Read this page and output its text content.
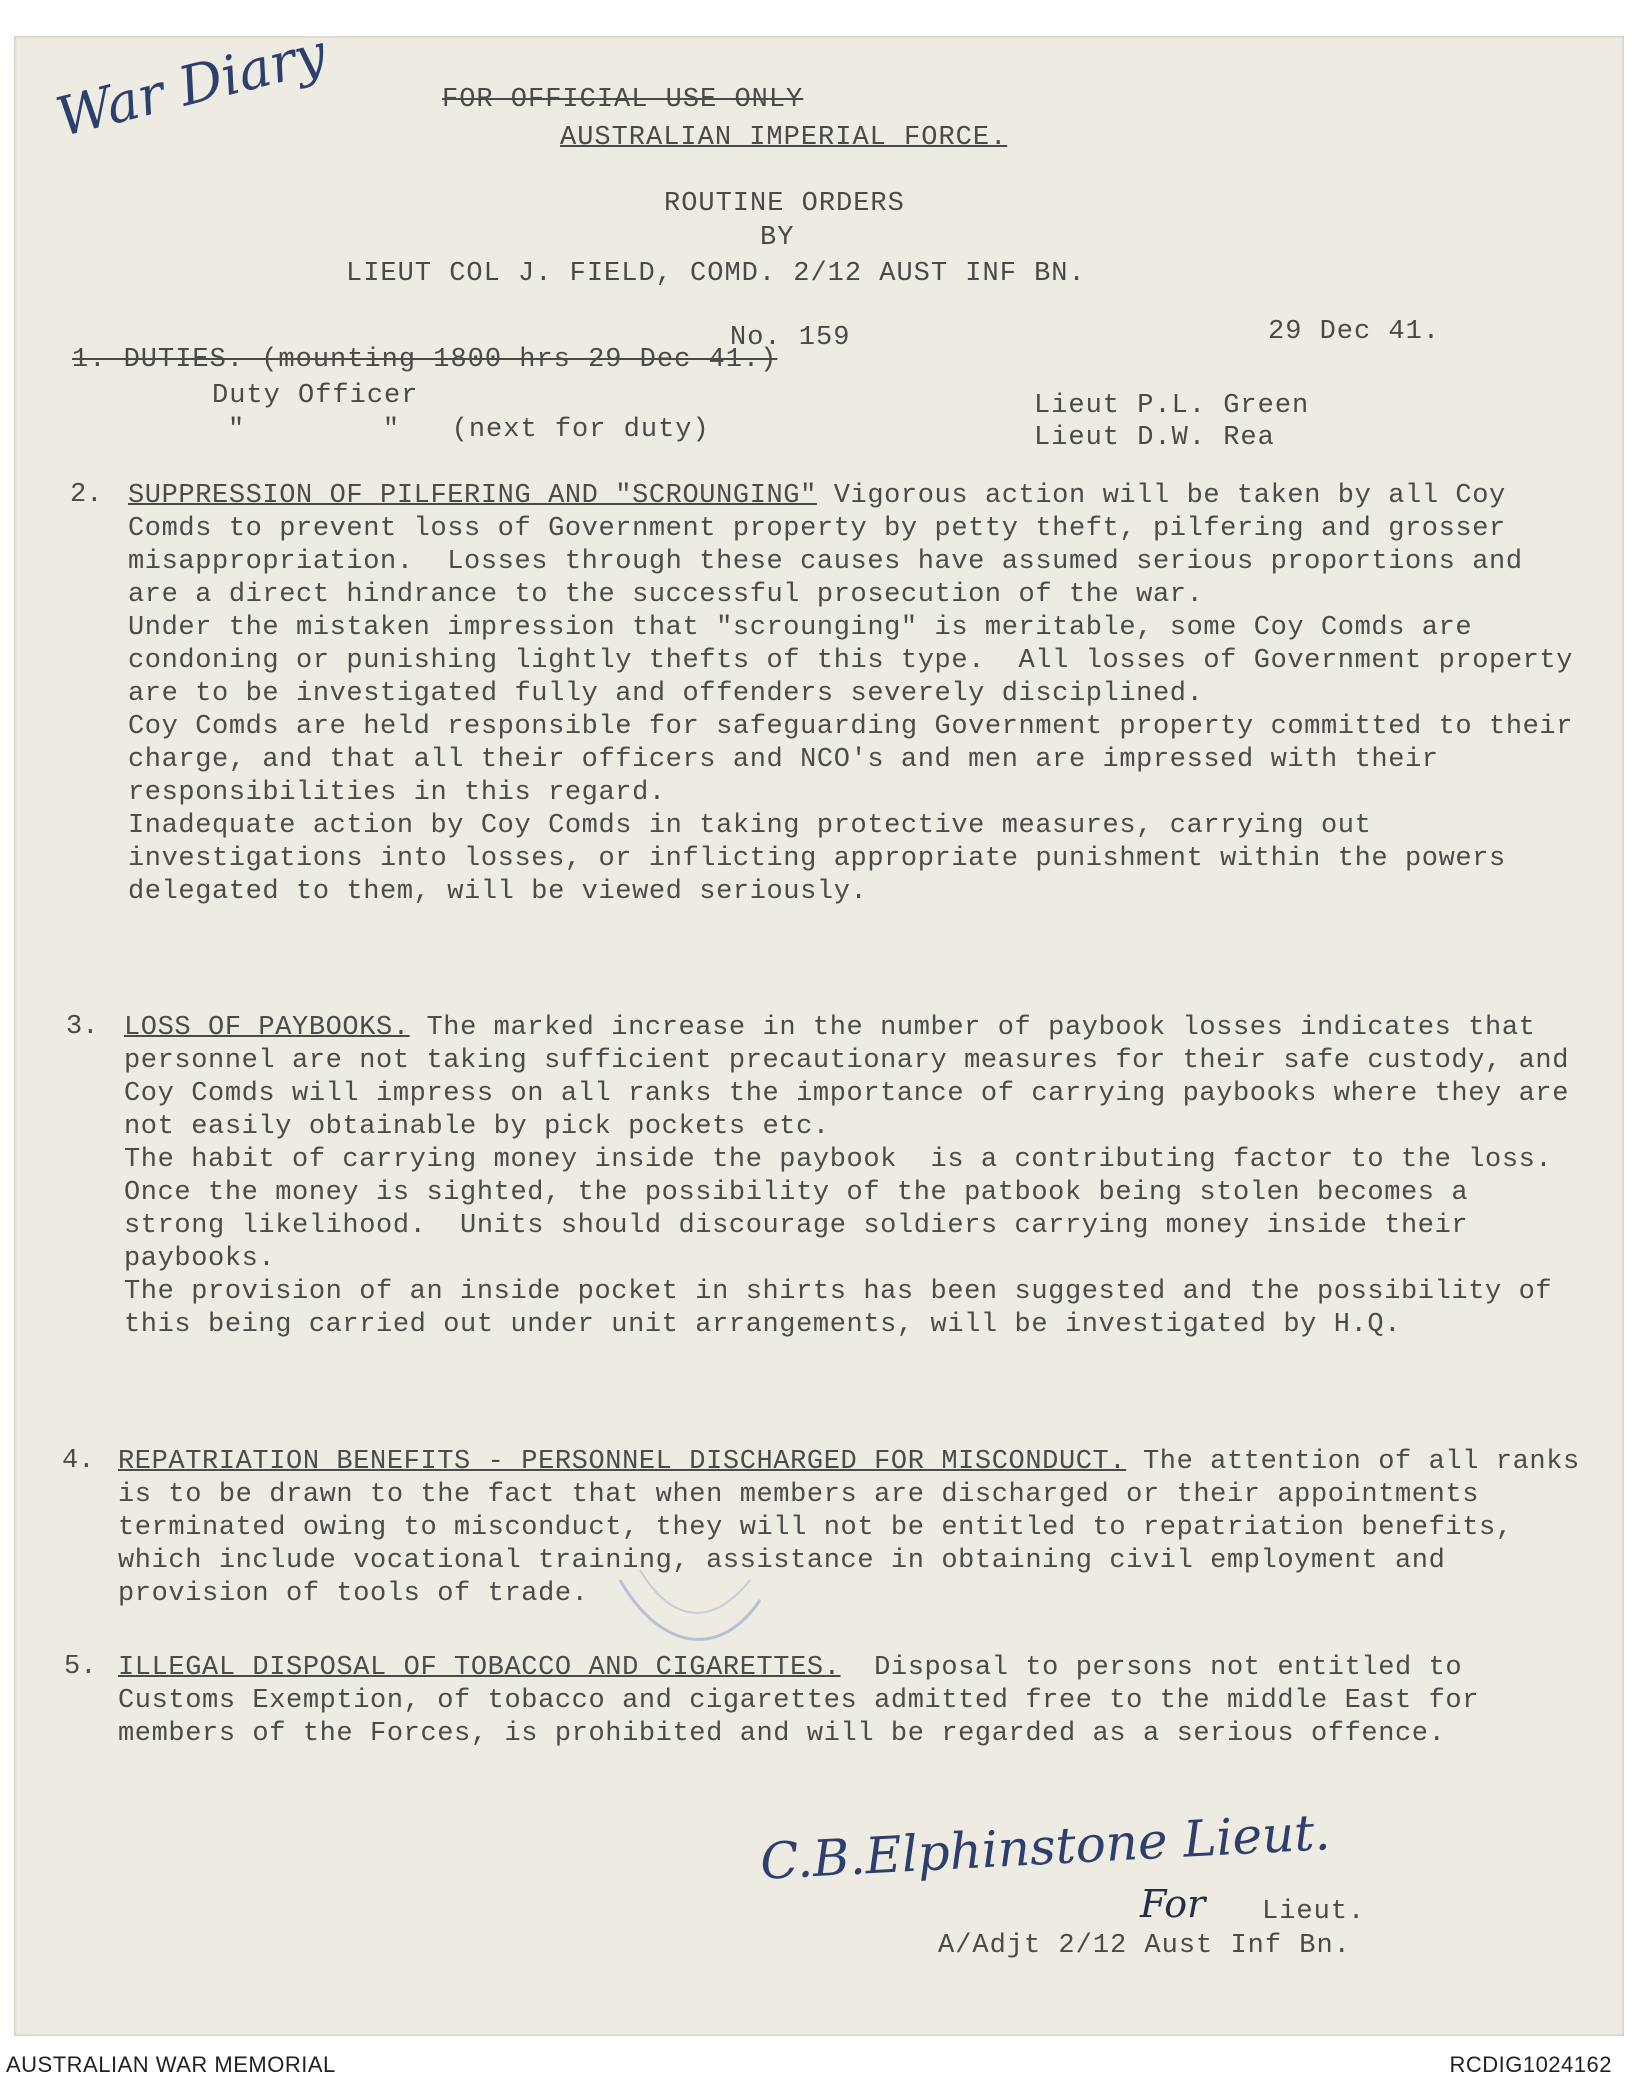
War Diary	FOR OFFICIAL USE ONLY
AUSTRALIAN IMPERIAL FORCE.
ROUTINE ORDERS
BY
LIEUT COL J. FIELD, COMD. 2/12 AUST INF BN.
No. 159	29 Dec 41.
1. DUTIES. (mounting 1800 hrs 29 Dec 41.)
Duty Officer	Lieut P.L. Green
"        "   (next for duty)	Lieut D.W. Rea
2. SUPPRESSION OF PILFERING AND "SCROUNGING" Vigorous action will be taken by all Coy Comds to prevent loss of Government property by petty theft, pilfering and grosser misappropriation.  Losses through these causes have assumed serious proportions and are a direct hindrance to the successful prosecution of the war.
Under the mistaken impression that "scrounging" is meritable, some Coy Comds are condoning or punishing lightly thefts of this type.  All losses of Government property are to be investigated fully and offenders severely disciplined.
Coy Comds are held responsible for safeguarding Government property committed to their charge, and that all their officers and NCO's and men are impressed with their responsibilities in this regard.
Inadequate action by Coy Comds in taking protective measures, carrying out investigations into losses, or inflicting appropriate punishment within the powers delegated to them, will be viewed seriously.
3. LOSS OF PAYBOOKS. The marked increase in the number of paybook losses indicates that personnel are not taking sufficient precautionary measures for their safe custody, and Coy Comds will impress on all ranks the importance of carrying paybooks where they are not easily obtainable by pick pockets etc.
The habit of carrying money inside the paybook  is a contributing factor to the loss.  Once the money is sighted, the possibility of the patbook being stolen becomes a strong likelihood.  Units should discourage soldiers carrying money inside their paybooks.
The provision of an inside pocket in shirts has been suggested and the possibility of this being carried out under unit arrangements, will be investigated by H.Q.
4. REPATRIATION BENEFITS - PERSONNEL DISCHARGED FOR MISCONDUCT. The attention of all ranks is to be drawn to the fact that when members are discharged or their appointments terminated owing to misconduct, they will not be entitled to repatriation benefits, which include vocational training, assistance in obtaining civil employment and provision of tools of trade.
5. ILLEGAL DISPOSAL OF TOBACCO AND CIGARETTES.  Disposal to persons not entitled to Customs Exemption, of tobacco and cigarettes admitted free to the middle East for members of the Forces, is prohibited and will be regarded as a serious offence.
C.B.Elphinstone Lieut.
For Lieut.
A/Adjt 2/12 Aust Inf Bn.
AUSTRALIAN WAR MEMORIAL	RCDIG1024162
